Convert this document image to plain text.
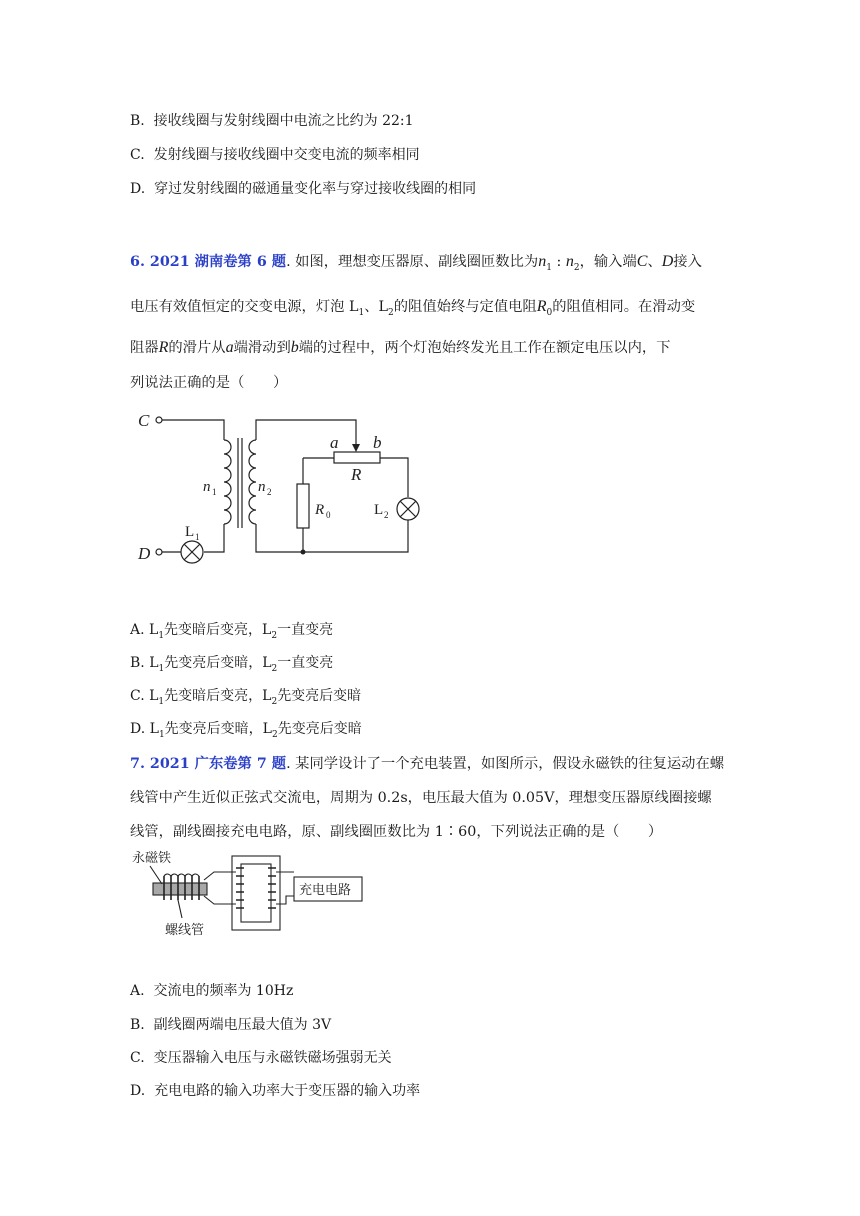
B. 接收线圈与发射线圈中电流之比约为 22:1
C. 发射线圈与接收线圈中交变电流的频率相同
D. 穿过发射线圈的磁通量变化率与穿过接收线圈的相同
6. 2021 湖南卷第 6 题. 如图，理想变压器原、副线圈匝数比为$n_1$ : $n_2$，输入端C、D接入
电压有效值恒定的交变电源，灯泡 $L_1$、$L_2$的阻值始终与定值电阻$R_0$的阻值相同。在滑动变
阻器R的滑片从a端滑动到b端的过程中，两个灯泡始终发光且工作在额定电压以内，下
列说法正确的是（　　）
C
D
a b
R
n 1	n 2
R 0	L 2
L 1
A. $L_1$先变暗后变亮，$L_2$一直变亮
B. $L_1$先变亮后变暗，$L_2$一直变亮
C. $L_1$先变暗后变亮，$L_2$先变亮后变暗
D. $L_1$先变亮后变暗，$L_2$先变亮后变暗
7. 2021 广东卷第 7 题. 某同学设计了一个充电装置，如图所示，假设永磁铁的往复运动在螺
线管中产生近似正弦式交流电，周期为 0.2s，电压最大值为 0.05V，理想变压器原线圈接螺
线管，副线圈接充电电路，原、副线圈匝数比为 1∶60，下列说法正确的是（　　）
永磁铁
螺线管
充电电路
A. 交流电的频率为 10Hz
B. 副线圈两端电压最大值为 3V
C. 变压器输入电压与永磁铁磁场强弱无关
D. 充电电路的输入功率大于变压器的输入功率
